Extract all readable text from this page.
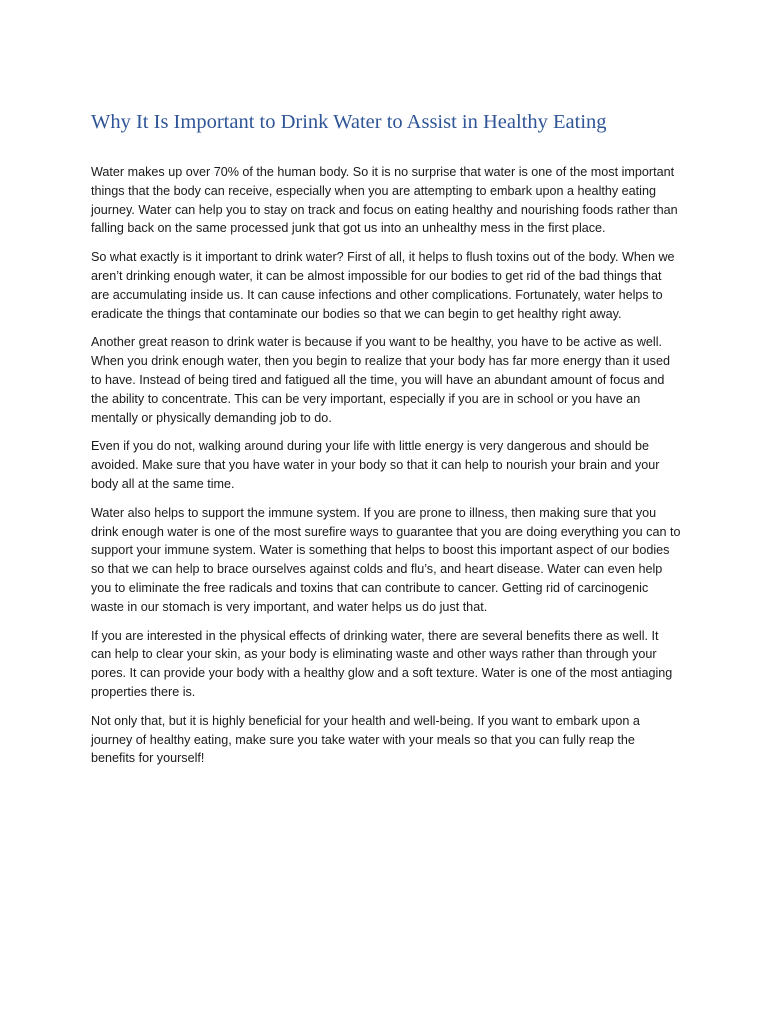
Why It Is Important to Drink Water to Assist in Healthy Eating

Water makes up over 70% of the human body. So it is no surprise that water is one of the most important things that the body can receive, especially when you are attempting to embark upon a healthy eating journey. Water can help you to stay on track and focus on eating healthy and nourishing foods rather than falling back on the same processed junk that got us into an unhealthy mess in the first place.

So what exactly is it important to drink water? First of all, it helps to flush toxins out of the body. When we aren’t drinking enough water, it can be almost impossible for our bodies to get rid of the bad things that are accumulating inside us. It can cause infections and other complications. Fortunately, water helps to eradicate the things that contaminate our bodies so that we can begin to get healthy right away.

Another great reason to drink water is because if you want to be healthy, you have to be active as well. When you drink enough water, then you begin to realize that your body has far more energy than it used to have. Instead of being tired and fatigued all the time, you will have an abundant amount of focus and the ability to concentrate. This can be very important, especially if you are in school or you have an mentally or physically demanding job to do.

Even if you do not, walking around during your life with little energy is very dangerous and should be avoided. Make sure that you have water in your body so that it can help to nourish your brain and your body all at the same time.

Water also helps to support the immune system. If you are prone to illness, then making sure that you drink enough water is one of the most surefire ways to guarantee that you are doing everything you can to support your immune system. Water is something that helps to boost this important aspect of our bodies so that we can help to brace ourselves against colds and flu’s, and heart disease. Water can even help you to eliminate the free radicals and toxins that can contribute to cancer. Getting rid of carcinogenic waste in our stomach is very important, and water helps us do just that.

If you are interested in the physical effects of drinking water, there are several benefits there as well. It can help to clear your skin, as your body is eliminating waste and other ways rather than through your pores. It can provide your body with a healthy glow and a soft texture. Water is one of the most antiaging properties there is.

Not only that, but it is highly beneficial for your health and well-being. If you want to embark upon a journey of healthy eating, make sure you take water with your meals so that you can fully reap the benefits for yourself!
